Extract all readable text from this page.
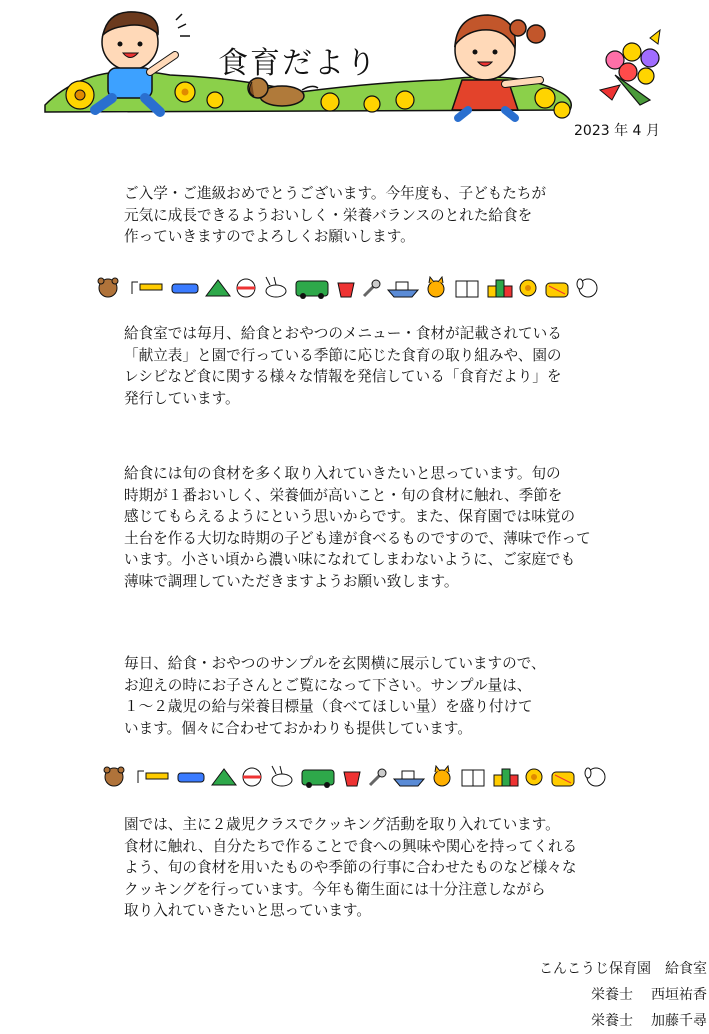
食育だより
2023 年 4 月
ご入学・ご進級おめでとうございます。今年度も、子どもたちが
元気に成長できるようおいしく・栄養バランスのとれた給食を
作っていきますのでよろしくお願いします。
給食室では毎月、給食とおやつのメニュー・食材が記載されている
「献立表」と園で行っている季節に応じた食育の取り組みや、園の
レシピなど食に関する様々な情報を発信している「食育だより」を
発行しています。
給食には旬の食材を多く取り入れていきたいと思っています。旬の
時期が１番おいしく、栄養価が高いこと・旬の食材に触れ、季節を
感じてもらえるようにという思いからです。また、保育園では味覚の
土台を作る大切な時期の子ども達が食べるものですので、薄味で作って
います。小さい頃から濃い味になれてしまわないように、ご家庭でも
薄味で調理していただきますようお願い致します。
毎日、給食・おやつのサンプルを玄関横に展示していますので、
お迎えの時にお子さんとご覧になって下さい。サンプル量は、
１～２歳児の給与栄養目標量（食べてほしい量）を盛り付けて
います。個々に合わせておかわりも提供しています。
園では、主に２歳児クラスでクッキング活動を取り入れています。
食材に触れ、自分たちで作ることで食への興味や関心を持ってくれる
よう、旬の食材を用いたものや季節の行事に合わせたものなど様々な
クッキングを行っています。今年も衛生面には十分注意しながら
取り入れていきたいと思っています。
こんこうじ保育園　給食室
栄養士 西垣祐香
栄養士 加藤千尋
